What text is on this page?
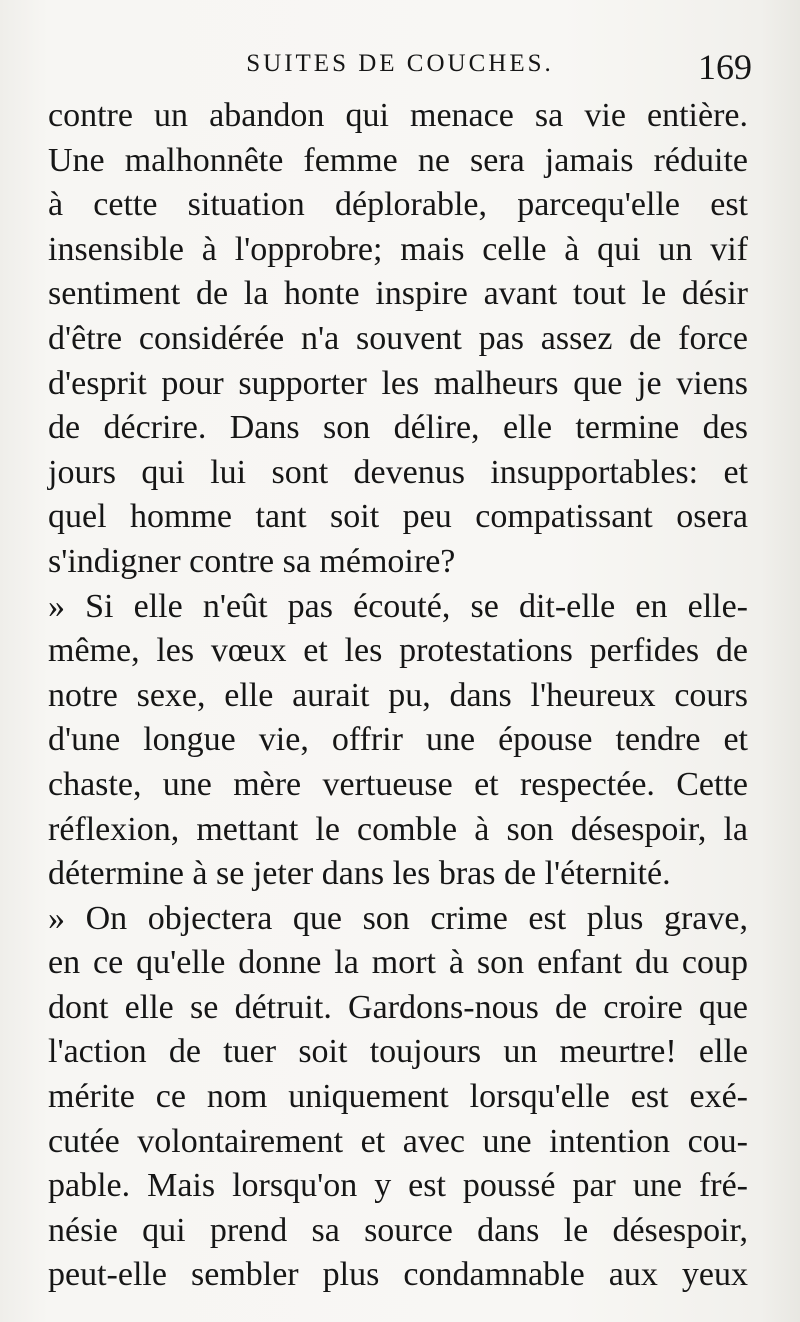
SUITES DE COUCHES.	169
contre un abandon qui menace sa vie entière.
Une malhonnête femme ne sera jamais réduite
à cette situation déplorable, parcequ'elle est
insensible à l'opprobre; mais celle à qui un vif
sentiment de la honte inspire avant tout le désir
d'être considérée n'a souvent pas assez de force
d'esprit pour supporter les malheurs que je viens
de décrire. Dans son délire, elle termine des
jours qui lui sont devenus insupportables: et
quel homme tant soit peu compatissant osera
s'indigner contre sa mémoire?
» Si elle n'eût pas écouté, se dit-elle en elle-
même, les vœux et les protestations perfides de
notre sexe, elle aurait pu, dans l'heureux cours
d'une longue vie, offrir une épouse tendre et
chaste, une mère vertueuse et respectée. Cette
réflexion, mettant le comble à son désespoir, la
détermine à se jeter dans les bras de l'éternité.
» On objectera que son crime est plus grave,
en ce qu'elle donne la mort à son enfant du coup
dont elle se détruit. Gardons-nous de croire que
l'action de tuer soit toujours un meurtre! elle
mérite ce nom uniquement lorsqu'elle est exé-
cutée volontairement et avec une intention cou-
pable. Mais lorsqu'on y est poussé par une fré-
nésie qui prend sa source dans le désespoir,
peut-elle sembler plus condamnable aux yeux
